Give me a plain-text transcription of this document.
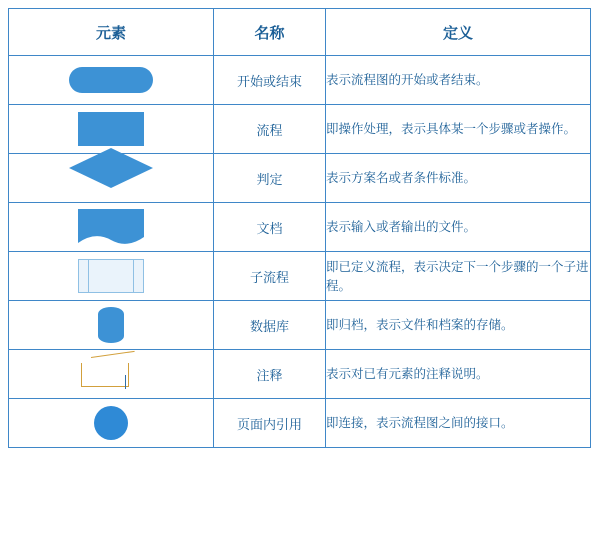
元素	名称	定义

	开始或结束	表示流程图的开始或者结束。

	流程	即操作处理，表示具体某一个步骤或者操作。

	判定	表示方案名或者条件标准。

	文档	表示输入或者输出的文件。

	子流程	即已定义流程，表示决定下一个步骤的一个子进程。

	数据库	即归档，表示文件和档案的存储。

	注释	表示对已有元素的注释说明。

	页面内引用	即连接，表示流程图之间的接口。
